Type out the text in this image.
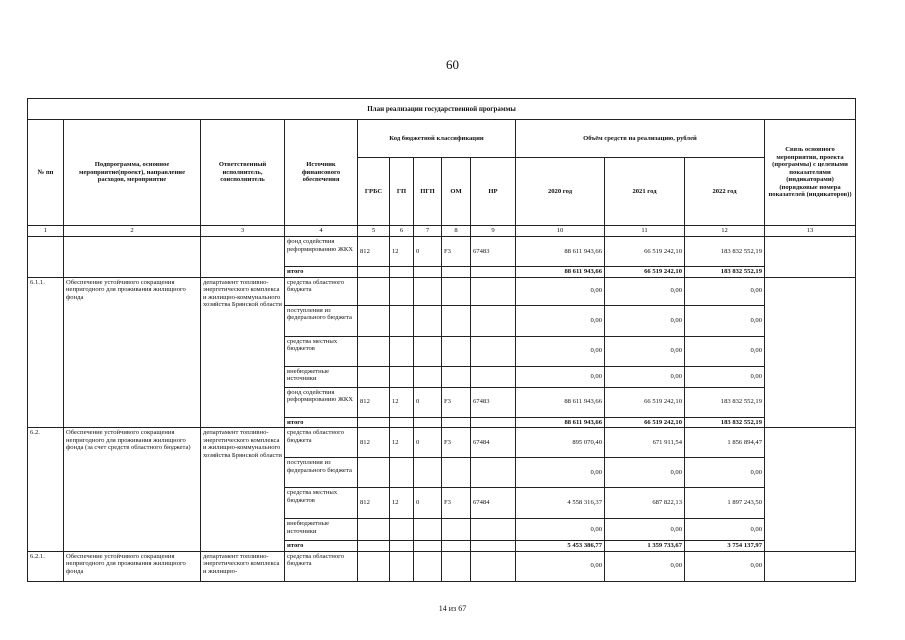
60
План реализации государственной программы												
№ пп	Подпрограмма, основное мероприятие(проект), направление расходов, мероприятие	Ответственный исполнитель, соисполнитель	Источник финансового обеспечения	Код бюджетной классификации					Объём средств на реализацию, рублей			Связь основного мероприятия, проекта (программы) с целевыми показателями (индикаторами) (порядковые номера показателей (индикаторов))
				ГРБС	ГП	ПГП	ОМ	НР	2020 год	2021 год	2022 год	
1	2	3	4	5	6	7	8	9	10	11	12	13
			фонд содействия реформированию ЖКХ	812	12	0	F3	67483	88 611 943,66	66 519 242,10	183 832 552,19	
			итого						88 611 943,66	66 519 242,10	183 832 552,19	
6.1.1.	Обеспечение устойчивого сокращения непригодного для проживания жилищного фонда	департамент топливно-энергетического комплекса и жилищно-коммунального хозяйства Брянской области	средства областного бюджета						0,00	0,00	0,00	
			поступления из федерального бюджета						0,00	0,00	0,00	
			средства местных бюджетов						0,00	0,00	0,00	
			внебюджетные источники						0,00	0,00	0,00	
			фонд содействия реформированию ЖКХ	812	12	0	F3	67483	88 611 943,66	66 519 242,10	183 832 552,19	
			итого						88 611 943,66	66 519 242,10	183 832 552,19	
6.2.	Обеспечение устойчивого сокращения непригодного для проживания жилищного фонда (за счет средств областного бюджета)	департамент топливно-энергетического комплекса и жилищно-коммунального хозяйства Брянской области	средства областного бюджета	812	12	0	F3	67484	895 070,40	671 911,54	1 856 894,47	
			поступления из федерального бюджета						0,00	0,00	0,00	
			средства местных бюджетов	812	12	0	F3	67484	4 558 316,37	687 822,13	1 897 243,50	
			внебюджетные источники						0,00	0,00	0,00	
			итого						5 453 386,77	1 359 733,67	3 754 137,97	
6.2.1.	Обеспечение устойчивого сокращения непригодного для проживания жилищного фонда	департамент топливно-энергетического комплекса и жилищно-	средства областного бюджета						0,00	0,00	0,00	
14 из 67
